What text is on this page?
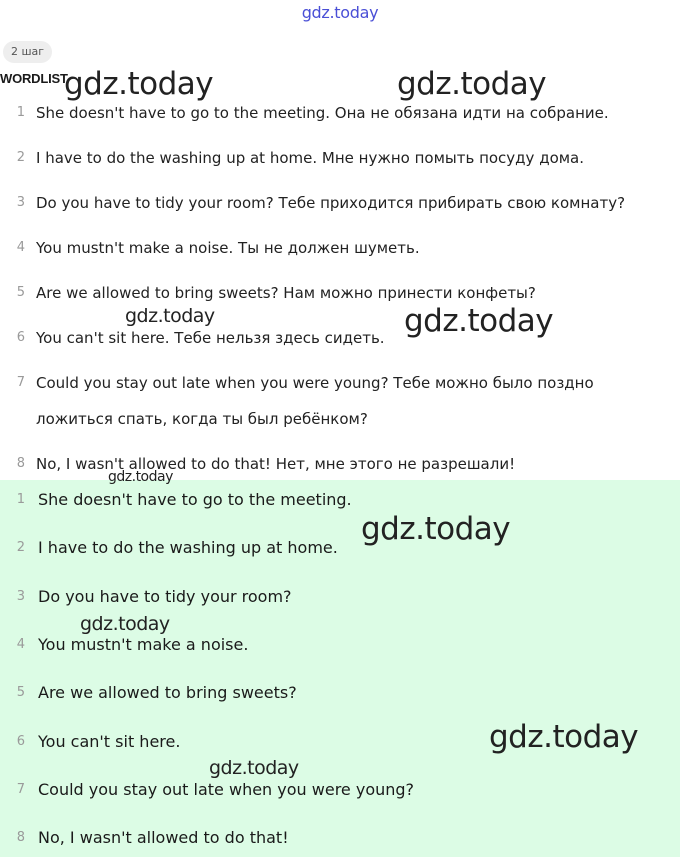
gdz.today
2 шаг
WORDLIST
1 She doesn't have to go to the meeting. Она не обязана идти на собрание.
2 I have to do the washing up at home. Мне нужно помыть посуду дома.
3 Do you have to tidy your room? Тебе приходится прибирать свою комнату?
4 You mustn't make a noise. Ты не должен шуметь.
5 Are we allowed to bring sweets? Нам можно принести конфеты?
6 You can't sit here. Тебе нельзя здесь сидеть.
7 Could you stay out late when you were young? Тебе можно было поздно ложиться спать, когда ты был ребёнком?
8 No, I wasn't allowed to do that! Нет, мне этого не разрешали!
1 She doesn't have to go to the meeting.
2 I have to do the washing up at home.
3 Do you have to tidy your room?
4 You mustn't make a noise.
5 Are we allowed to bring sweets?
6 You can't sit here.
7 Could you stay out late when you were young?
8 No, I wasn't allowed to do that!
gdz.today	gdz.today
gdz.today	gdz.today
gdz.today
gdz.today
gdz.today
gdz.today
gdz.today
